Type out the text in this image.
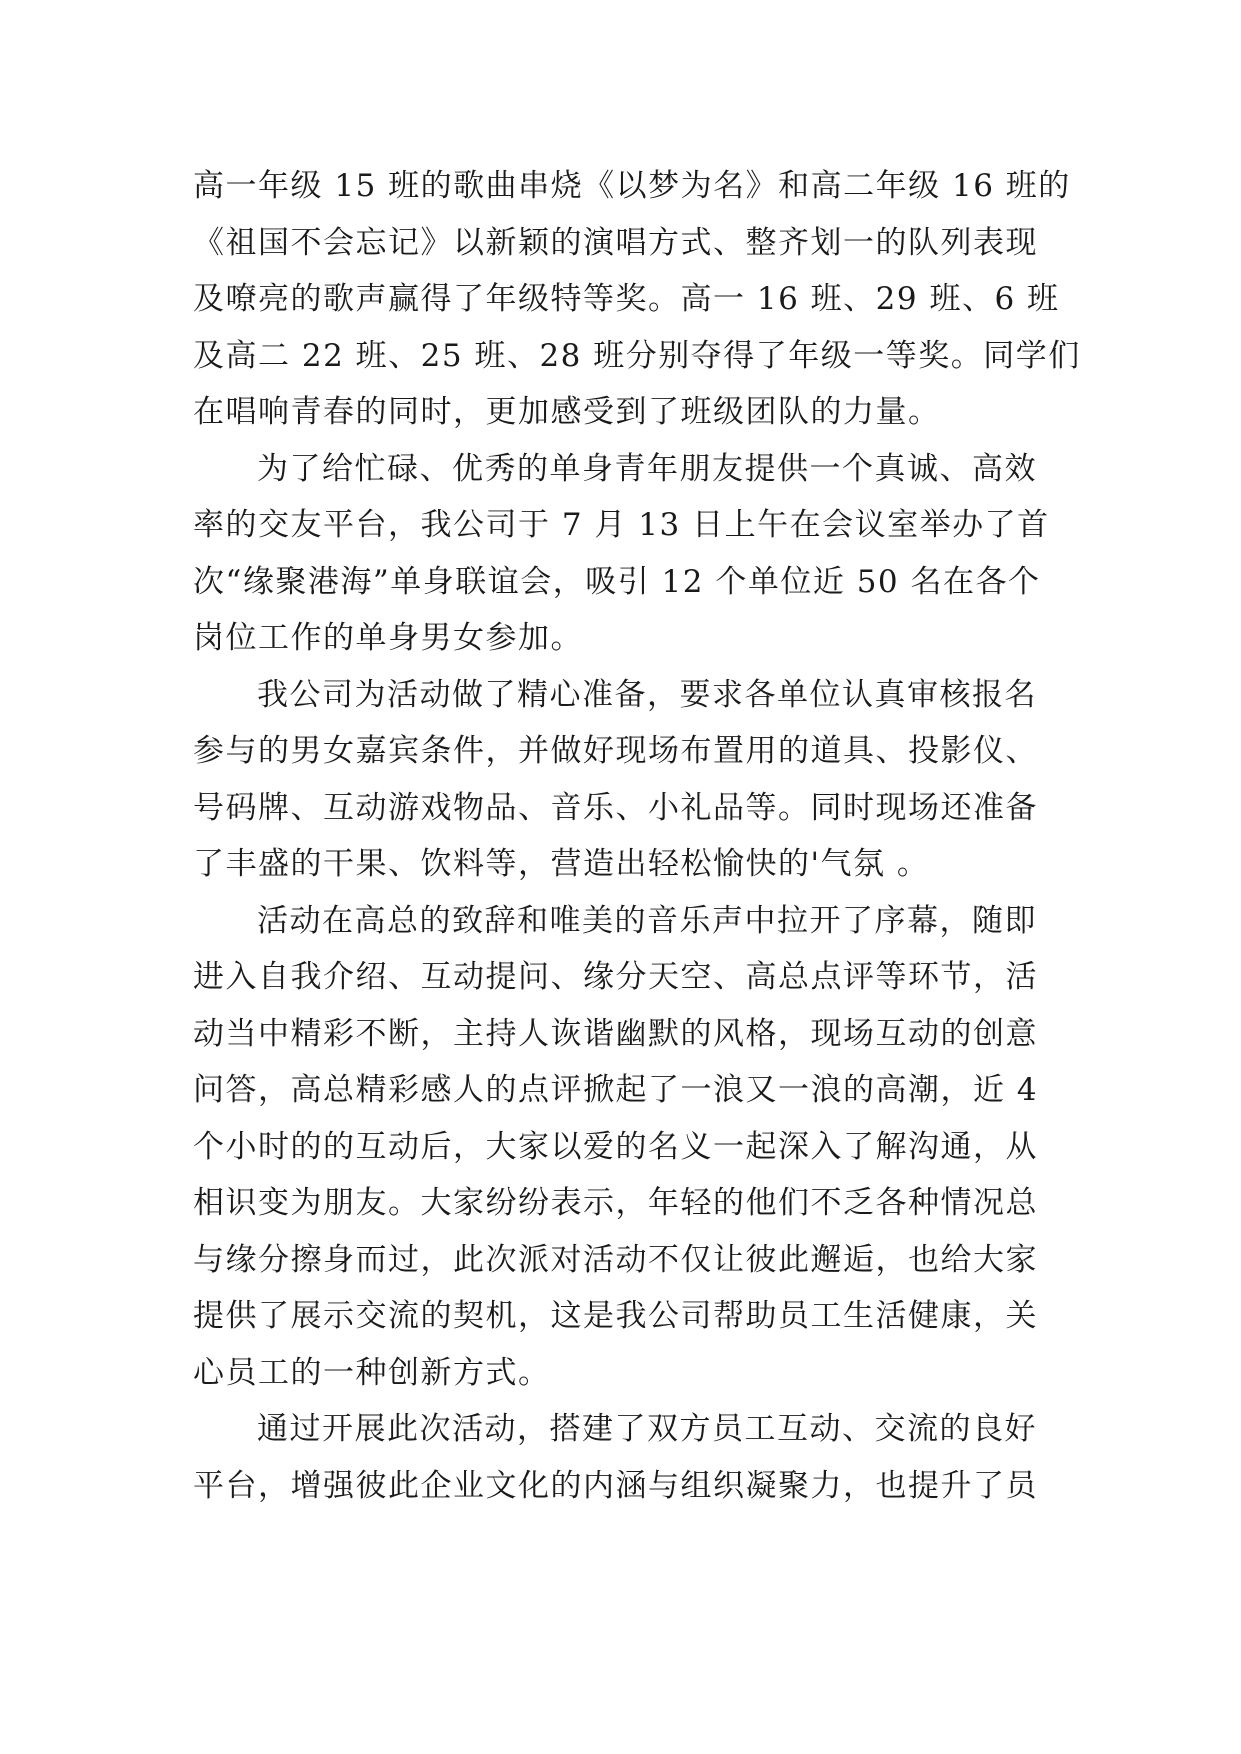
高一年级 15 班的歌曲串烧《以梦为名》和高二年级 16 班的
《祖国不会忘记》以新颖的演唱方式、整齐划一的队列表现
及嘹亮的歌声赢得了年级特等奖。高一 16 班、29 班、6 班
及高二 22 班、25 班、28 班分别夺得了年级一等奖。同学们
在唱响青春的同时，更加感受到了班级团队的力量。
为了给忙碌、优秀的单身青年朋友提供一个真诚、高效
率的交友平台，我公司于 7 月 13 日上午在会议室举办了首
次“缘聚港海”单身联谊会，吸引 12 个单位近 50 名在各个
岗位工作的单身男女参加。
我公司为活动做了精心准备，要求各单位认真审核报名
参与的男女嘉宾条件，并做好现场布置用的道具、投影仪、
号码牌、互动游戏物品、音乐、小礼品等。同时现场还准备
了丰盛的干果、饮料等，营造出轻松愉快的'气氛 。
活动在高总的致辞和唯美的音乐声中拉开了序幕，随即
进入自我介绍、互动提问、缘分天空、高总点评等环节，活
动当中精彩不断，主持人诙谐幽默的风格，现场互动的创意
问答，高总精彩感人的点评掀起了一浪又一浪的高潮，近 4
个小时的的互动后，大家以爱的名义一起深入了解沟通，从
相识变为朋友。大家纷纷表示，年轻的他们不乏各种情况总
与缘分擦身而过，此次派对活动不仅让彼此邂逅，也给大家
提供了展示交流的契机，这是我公司帮助员工生活健康，关
心员工的一种创新方式。
通过开展此次活动，搭建了双方员工互动、交流的良好
平台，增强彼此企业文化的内涵与组织凝聚力，也提升了员
